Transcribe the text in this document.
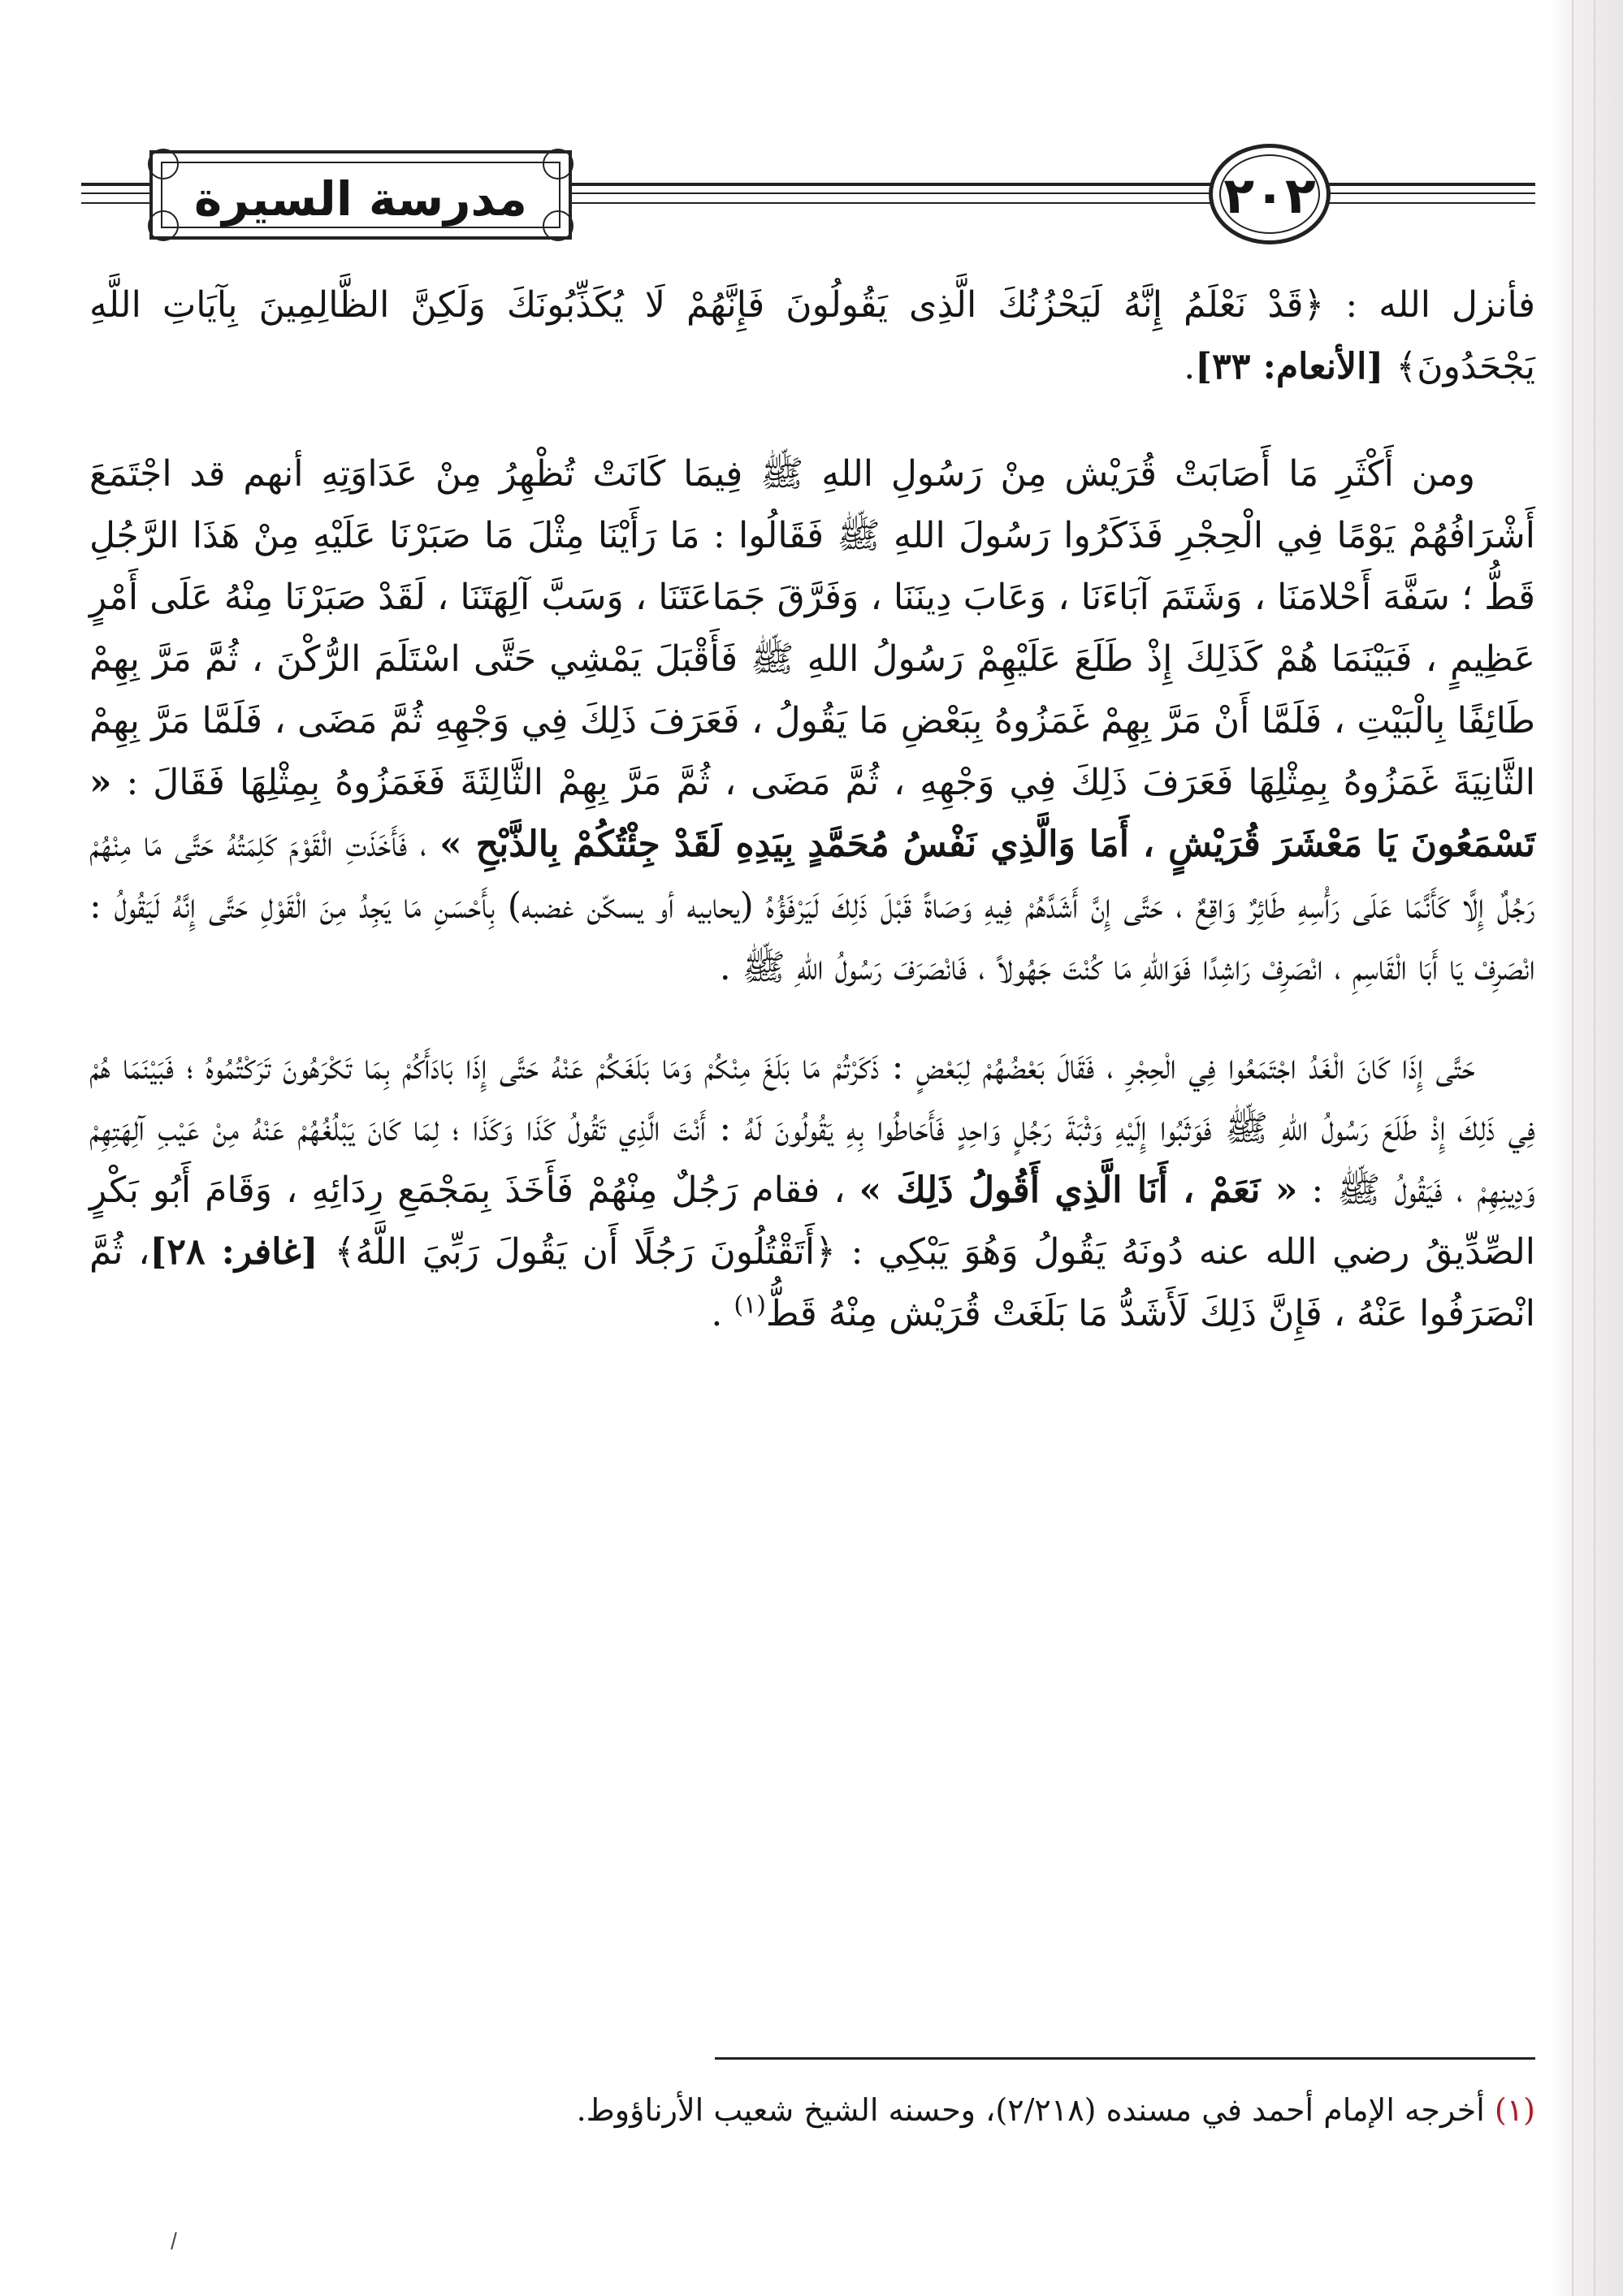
مدرسة السيرة	٢٠٢

فأنزل الله : ﴿قَدْ نَعْلَمُ إِنَّهُ لَيَحْزُنُكَ الَّذِى يَقُولُونَ فَإِنَّهُمْ لَا يُكَذِّبُونَكَ وَلَكِنَّ الظَّالِمِينَ بِآيَاتِ اللَّهِ يَجْحَدُونَ﴾ [الأنعام: ٣٣].

ومن أَكْثَرِ مَا أَصَابَتْ قُرَيْش مِنْ رَسُولِ اللهِ ﷺ فِيمَا كَانَتْ تُظْهِرُ مِنْ عَدَاوَتِهِ أنهم قد اجْتَمَعَ أَشْرَافُهُمْ يَوْمًا فِي الْحِجْرِ فَذَكَرُوا رَسُولَ اللهِ ﷺ فَقَالُوا : مَا رَأَيْنَا مِثْلَ مَا صَبَرْنَا عَلَيْهِ مِنْ هَذَا الرَّجُلِ قَطُّ ؛ سَفَّهَ أَحْلامَنَا ، وَشَتَمَ آبَاءَنَا ، وَعَابَ دِينَنَا ، وَفَرَّقَ جَمَاعَتَنَا ، وَسَبَّ آلِهَتَنَا ، لَقَدْ صَبَرْنَا مِنْهُ عَلَى أَمْرٍ عَظِيمٍ ، فَبَيْنَمَا هُمْ كَذَلِكَ إِذْ طَلَعَ عَلَيْهِمْ رَسُولُ اللهِ ﷺ فَأَقْبَلَ يَمْشِي حَتَّى اسْتَلَمَ الرُّكْنَ ، ثُمَّ مَرَّ بِهِمْ طَائِفًا بِالْبَيْتِ ، فَلَمَّا أَنْ مَرَّ بِهِمْ غَمَزُوهُ بِبَعْضِ مَا يَقُولُ ، فَعَرَفَ ذَلِكَ فِي وَجْهِهِ ثُمَّ مَضَى ، فَلَمَّا مَرَّ بِهِمْ الثَّانِيَةَ غَمَزُوهُ بِمِثْلِهَا فَعَرَفَ ذَلِكَ فِي وَجْهِهِ ، ثُمَّ مَضَى ، ثُمَّ مَرَّ بِهِمْ الثَّالِثَةَ فَغَمَزُوهُ بِمِثْلِهَا فَقَالَ : « تَسْمَعُونَ يَا مَعْشَرَ قُرَيْشٍ ، أَمَا وَالَّذِي نَفْسُ مُحَمَّدٍ بِيَدِهِ لَقَدْ جِئْتُكُمْ بِالذَّبْحِ » ، فَأَخَذَتِ الْقَوْمَ كَلِمَتُهُ حَتَّى مَا مِنْهُمْ رَجُلٌ إِلَّا كَأَنَّمَا عَلَى رَأْسِهِ طَائِرٌ وَاقِعٌ ، حَتَّى إِنَّ أَشَدَّهُمْ فِيهِ وَصَاةً قَبْلَ ذَلِكَ لَيَرْفَؤُهُ (يحابيه أو يسكّن غضبه) بِأَحْسَنِ مَا يَجِدُ مِنَ الْقَوْلِ حَتَّى إِنَّهُ لَيَقُولُ : انْصَرِفْ يَا أَبَا الْقَاسِمِ ، انْصَرِفْ رَاشِدًا فَوَاللهِ مَا كُنْتَ جَهُولاً ، فَانْصَرَفَ رَسُولُ اللهِ ﷺ .

حَتَّى إِذَا كَانَ الْغَدُ اجْتَمَعُوا فِي الْحِجْرِ ، فَقَالَ بَعْضُهُمْ لِبَعْضٍ : ذَكَرْتُمْ مَا بَلَغَ مِنْكُمْ وَمَا بَلَغَكُمْ عَنْهُ حَتَّى إِذَا بَادَأَكُمْ بِمَا تَكْرَهُونَ تَرَكْتُمُوهُ ؛ فَبَيْنَمَا هُمْ فِي ذَلِكَ إِذْ طَلَعَ رَسُولُ اللهِ ﷺ فَوَثَبُوا إِلَيْهِ وَثْبَةَ رَجُلٍ وَاحِدٍ فَأَحَاطُوا بِهِ يَقُولُونَ لَهُ : أَنْتَ الَّذِي تَقُولُ كَذَا وَكَذَا ؛ لِمَا كَانَ يَبْلُغُهُمْ عَنْهُ مِنْ عَيْبِ آلِهَتِهِمْ وَدِينِهِمْ ، فَيَقُولُ ﷺ : « نَعَمْ ، أَنَا الَّذِي أَقُولُ ذَلِكَ » ، فقام رَجُلٌ مِنْهُمْ فَأَخَذَ بِمَجْمَعِ رِدَائِهِ ، وَقَامَ أَبُو بَكْرٍ الصِّدِّيقُ رضي الله عنه دُونَهُ يَقُولُ وَهُوَ يَبْكِي : ﴿أَتَقْتُلُونَ رَجُلًا أَن يَقُولَ رَبِّيَ اللَّهُ﴾ [غافر: ٢٨]، ثُمَّ انْصَرَفُوا عَنْهُ ، فَإِنَّ ذَلِكَ لَأَشَدُّ مَا بَلَغَتْ قُرَيْش مِنْهُ قَطُّ$^{(١)}$ .

(١) أخرجه الإمام أحمد في مسنده (٢/٢١٨)، وحسنه الشيخ شعيب الأرناؤوط.
